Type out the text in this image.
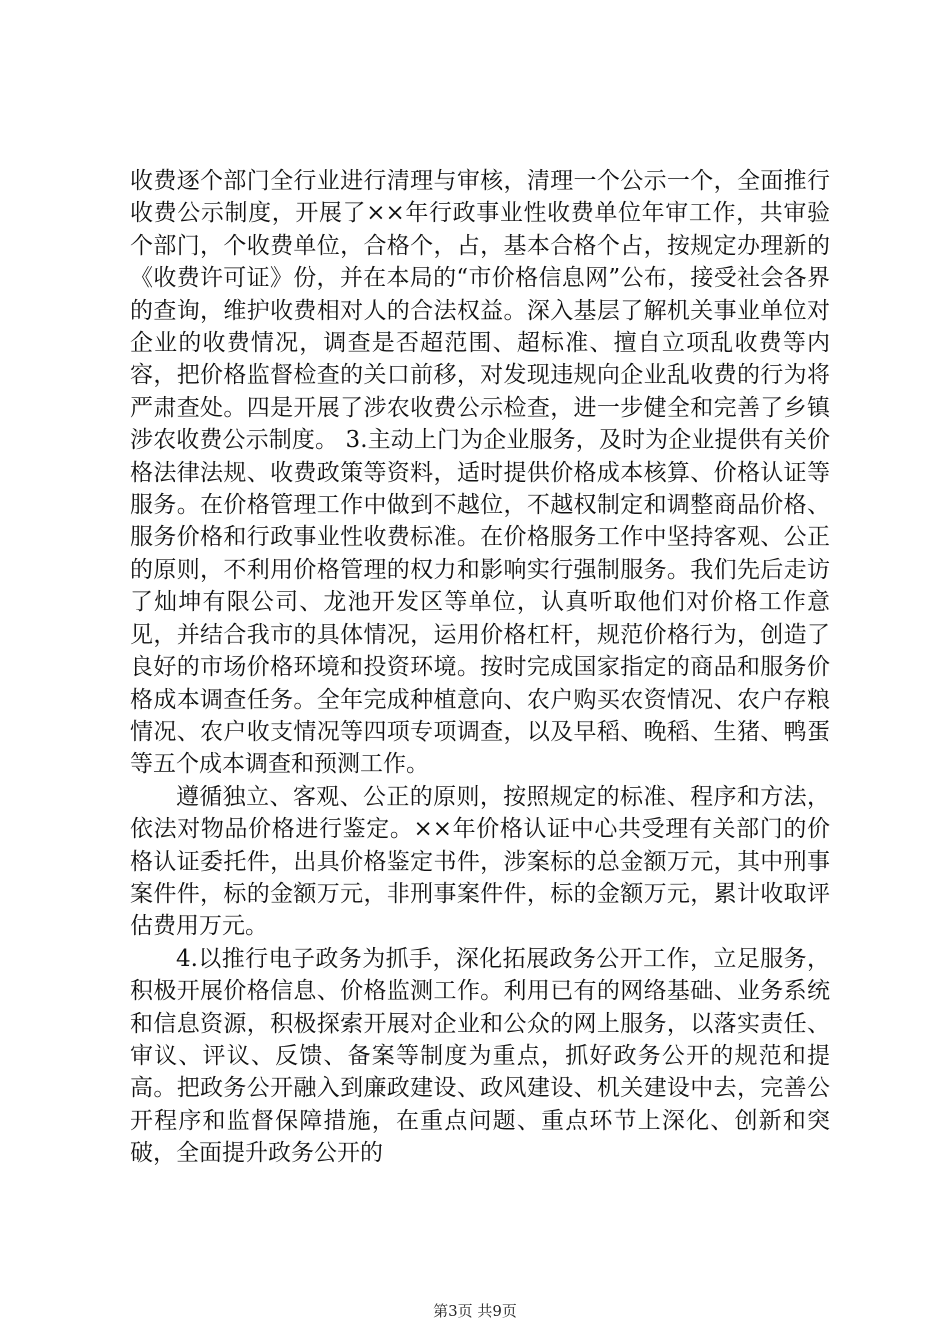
收费逐个部门全行业进行清理与审核，清理一个公示一个，全面推行收费公示制度，开展了××年行政事业性收费单位年审工作，共审验个部门，个收费单位，合格个，占，基本合格个占，按规定办理新的《收费许可证》份，并在本局的“市价格信息网”公布，接受社会各界的查询，维护收费相对人的合法权益。深入基层了解机关事业单位对企业的收费情况，调查是否超范围、超标准、擅自立项乱收费等内容，把价格监督检查的关口前移，对发现违规向企业乱收费的行为将严肃查处。四是开展了涉农收费公示检查，进一步健全和完善了乡镇涉农收费公示制度。 3.主动上门为企业服务，及时为企业提供有关价格法律法规、收费政策等资料，适时提供价格成本核算、价格认证等服务。在价格管理工作中做到不越位，不越权制定和调整商品价格、服务价格和行政事业性收费标准。在价格服务工作中坚持客观、公正的原则，不利用价格管理的权力和影响实行强制服务。我们先后走访了灿坤有限公司、龙池开发区等单位，认真听取他们对价格工作意见，并结合我市的具体情况，运用价格杠杆，规范价格行为，创造了良好的市场价格环境和投资环境。按时完成国家指定的商品和服务价格成本调查任务。全年完成种植意向、农户购买农资情况、农户存粮情况、农户收支情况等四项专项调查，以及早稻、晚稻、生猪、鸭蛋等五个成本调查和预测工作。

遵循独立、客观、公正的原则，按照规定的标准、程序和方法，依法对物品价格进行鉴定。××年价格认证中心共受理有关部门的价格认证委托件，出具价格鉴定书件，涉案标的总金额万元，其中刑事案件件，标的金额万元，非刑事案件件，标的金额万元，累计收取评估费用万元。

4.以推行电子政务为抓手，深化拓展政务公开工作，立足服务，积极开展价格信息、价格监测工作。利用已有的网络基础、业务系统和信息资源，积极探索开展对企业和公众的网上服务，以落实责任、审议、评议、反馈、备案等制度为重点，抓好政务公开的规范和提高。把政务公开融入到廉政建设、政风建设、机关建设中去，完善公开程序和监督保障措施，在重点问题、重点环节上深化、创新和突破，全面提升政务公开的

第3页 共9页
